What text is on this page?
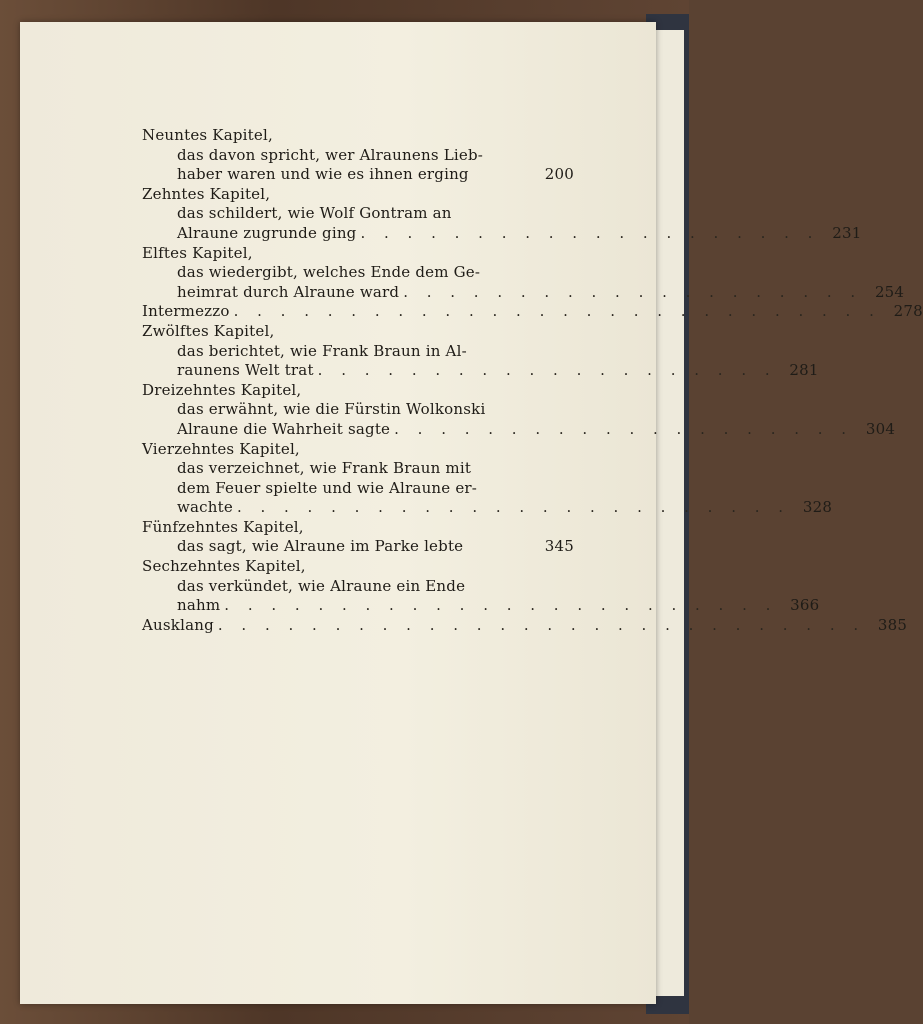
Neuntes Kapitel,
das davon spricht, wer Alraunens Lieb-
haber waren und wie es ihnen erging	200
Zehntes Kapitel,
das schildert, wie Wolf Gontram an
Alraune zugrunde ging . . . . . . . . . . . . . . . . . . . . 231
Elftes Kapitel,
das wiedergibt, welches Ende dem Ge-
heimrat durch Alraune ward . . . . . . . . . . . . . . . . . . . . 254
Intermezzo . . . . . . . . . . . . . . . . . . . . . . . . . . . . 278
Zwölftes Kapitel,
das berichtet, wie Frank Braun in Al-
raunens Welt trat . . . . . . . . . . . . . . . . . . . . 281
Dreizehntes Kapitel,
das erwähnt, wie die Fürstin Wolkonski
Alraune die Wahrheit sagte . . . . . . . . . . . . . . . . . . . . 304
Vierzehntes Kapitel,
das verzeichnet, wie Frank Braun mit
dem Feuer spielte und wie Alraune er-
wachte . . . . . . . . . . . . . . . . . . . . . . . . 328
Fünfzehntes Kapitel,
das sagt, wie Alraune im Parke lebte	345
Sechzehntes Kapitel,
das verkündet, wie Alraune ein Ende
nahm . . . . . . . . . . . . . . . . . . . . . . . . 366
Ausklang . . . . . . . . . . . . . . . . . . . . . . . . . . . . 385
